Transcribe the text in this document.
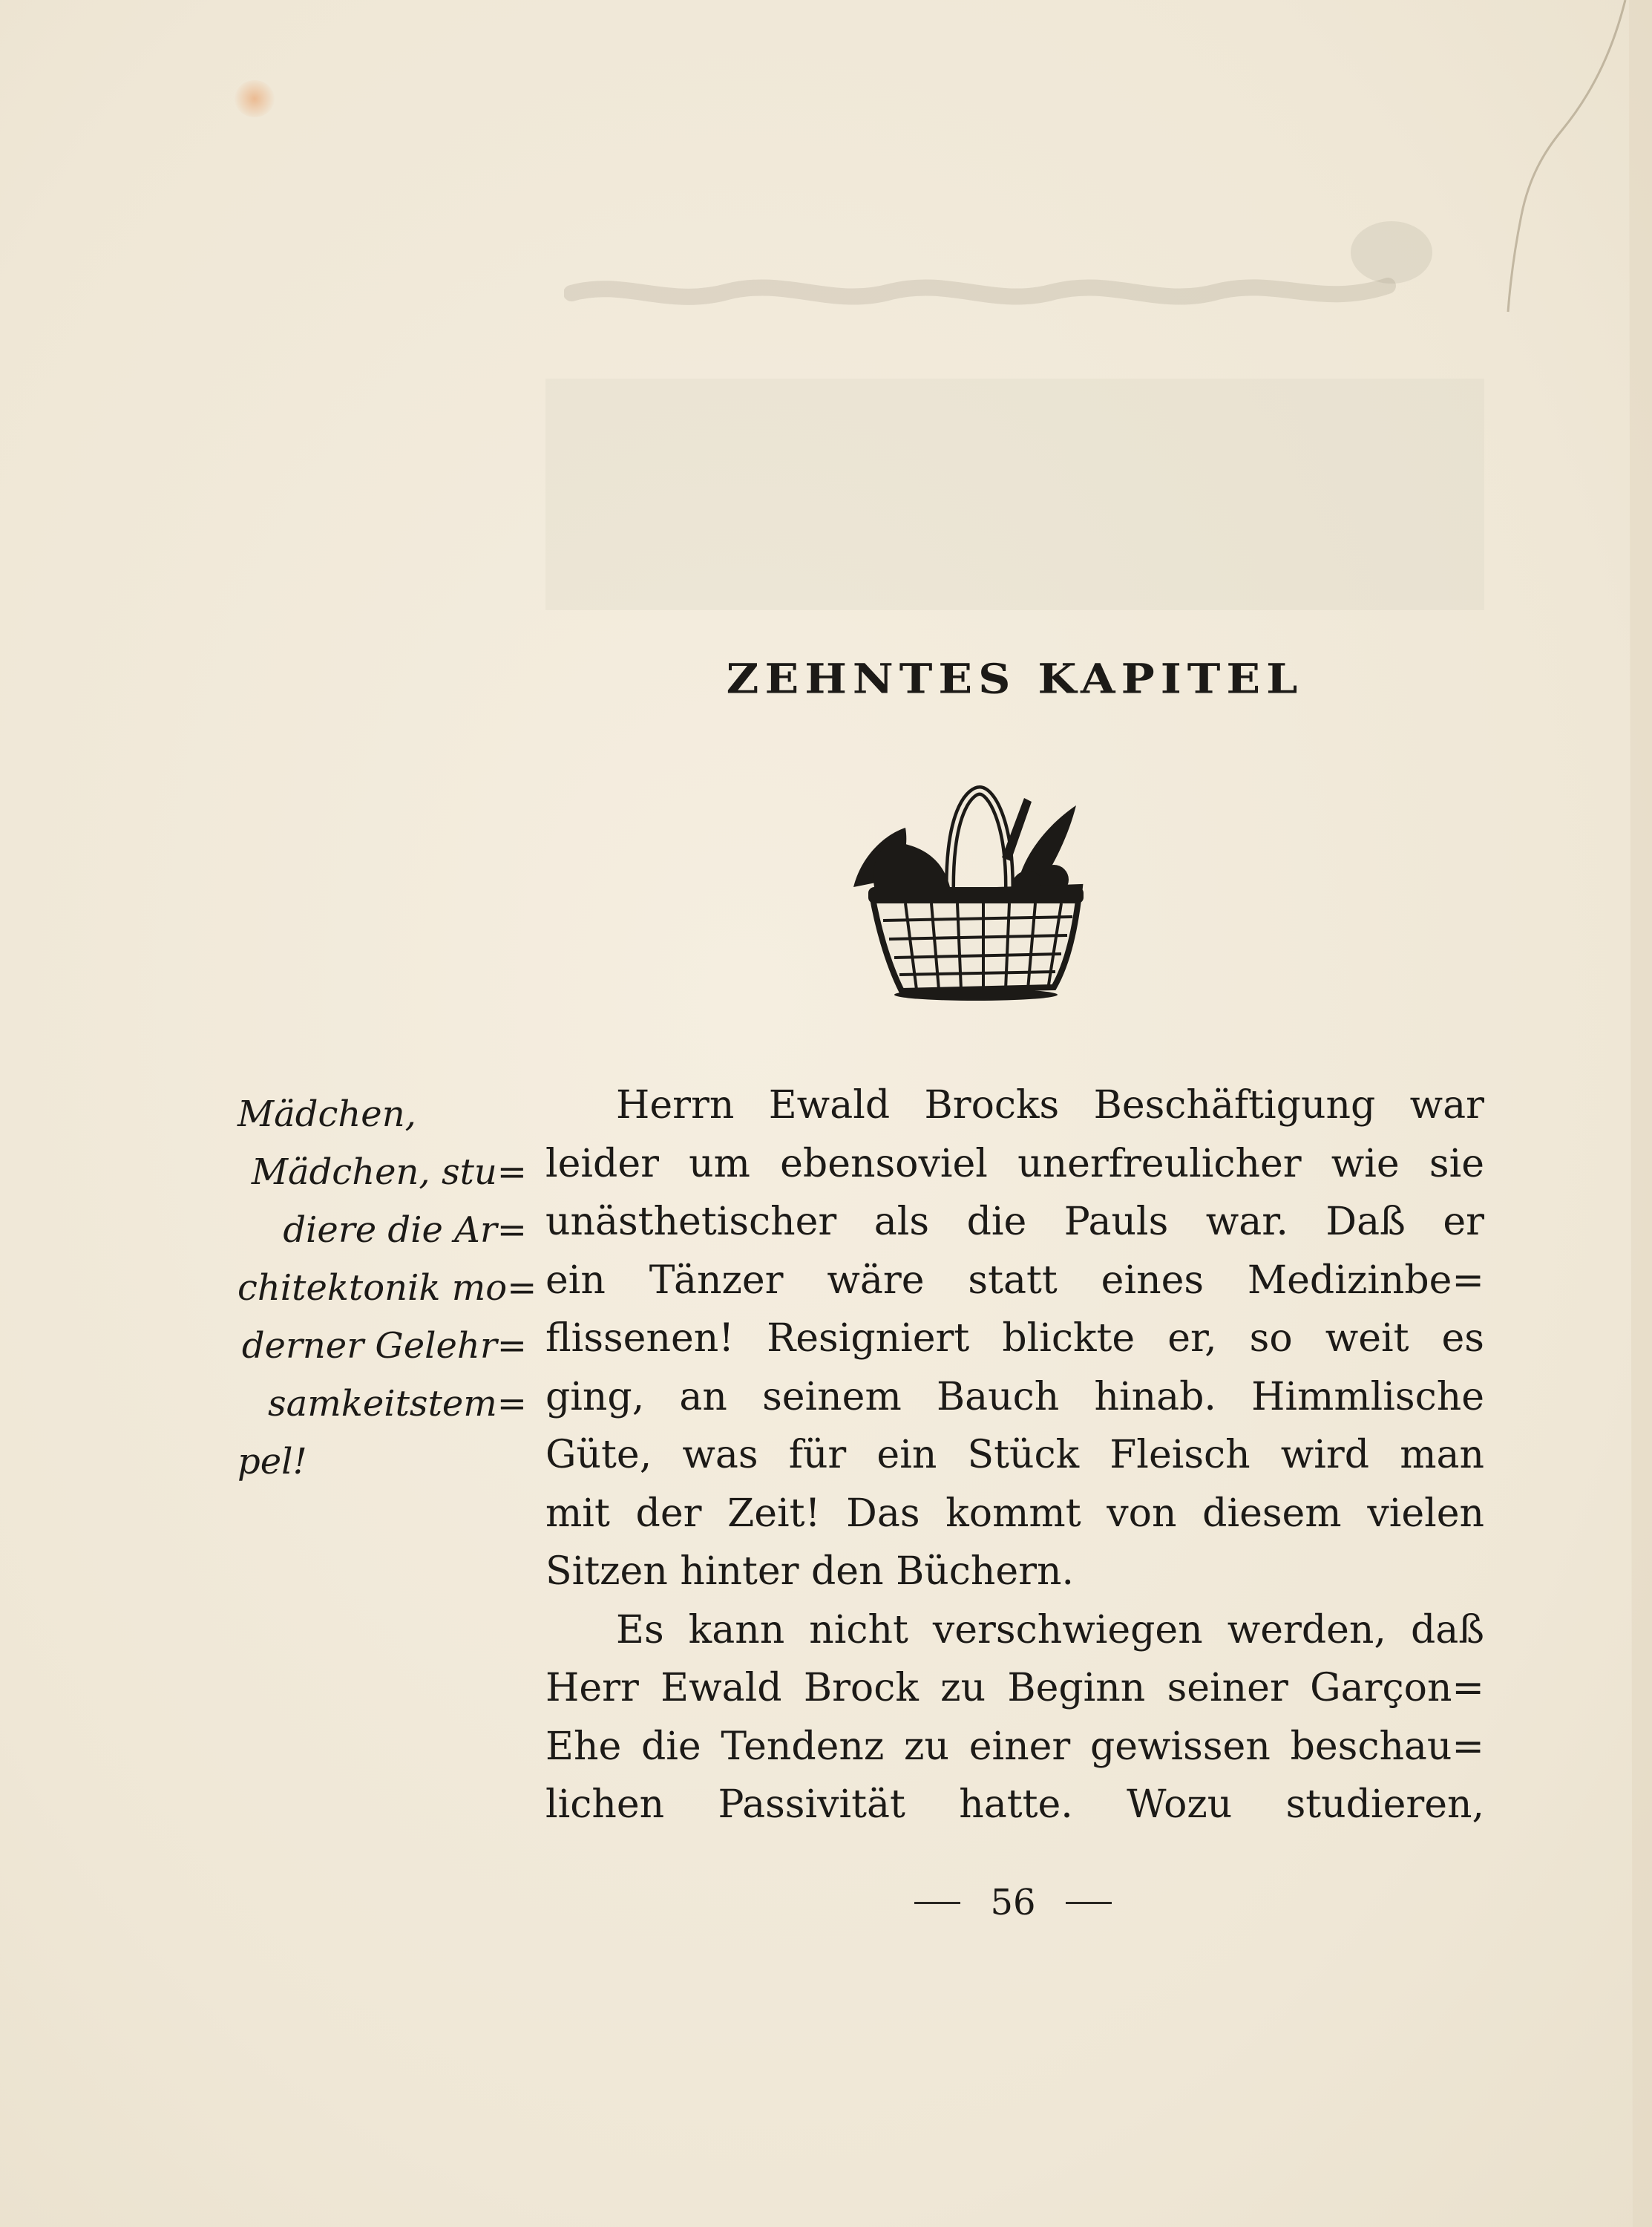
ZEHNTES KAPITEL
Mädchen,
Mädchen, stu=
diere die Ar=
chitektonik mo=
derner Gelehr=
samkeitstem=
pel!
Herrn Ewald Brocks Beschäftigung war
leider um ebensoviel unerfreulicher wie sie
unästhetischer als die Pauls war. Daß er
ein Tänzer wäre statt eines Medizinbe=
flissenen! Resigniert blickte er, so weit es
ging, an seinem Bauch hinab. Himmlische
Güte, was für ein Stück Fleisch wird man
mit der Zeit! Das kommt von diesem vielen
Sitzen hinter den Büchern.
Es kann nicht verschwiegen werden, daß
Herr Ewald Brock zu Beginn seiner Garçon=
Ehe die Tendenz zu einer gewissen beschau=
lichen Passivität hatte. Wozu studieren,
56
